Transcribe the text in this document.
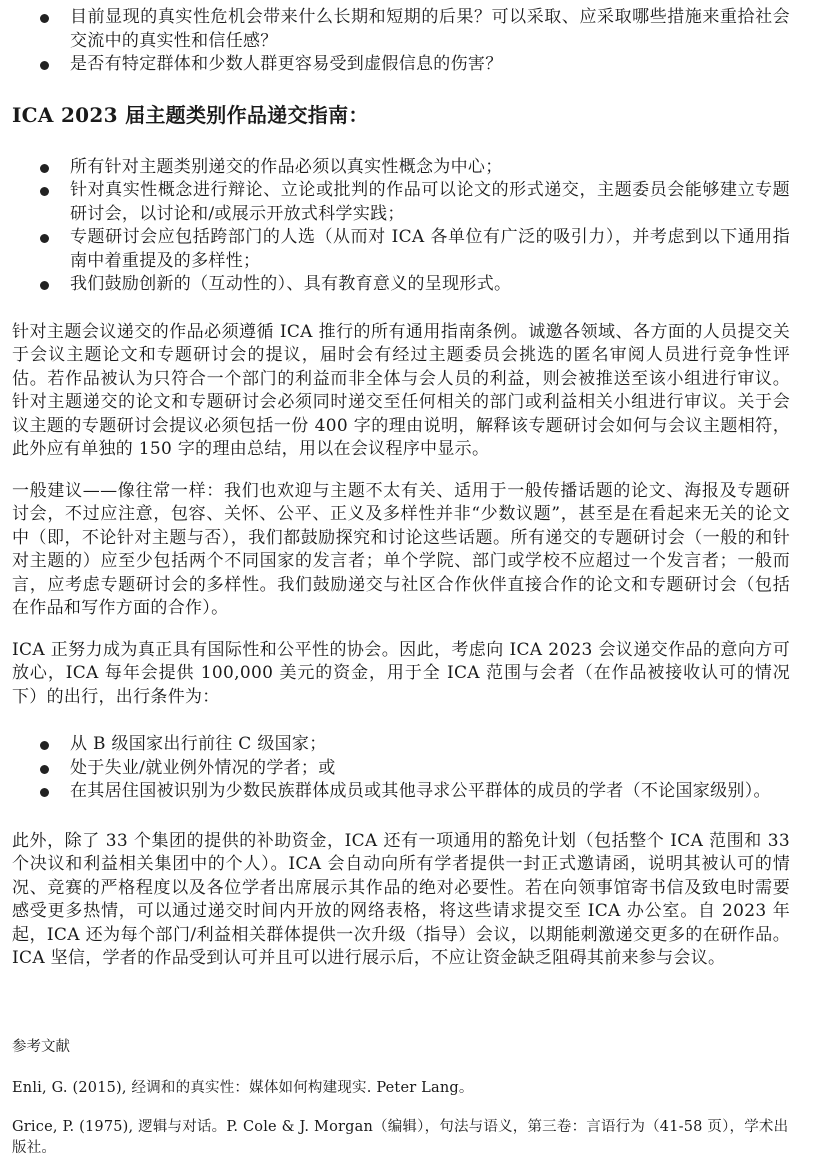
目前显现的真实性危机会带来什么长期和短期的后果？可以采取、应采取哪些措施来重拾社会交流中的真实性和信任感？
是否有特定群体和少数人群更容易受到虚假信息的伤害？
ICA 2023 届主题类别作品递交指南：
所有针对主题类别递交的作品必须以真实性概念为中心；
针对真实性概念进行辩论、立论或批判的作品可以论文的形式递交，主题委员会能够建立专题研讨会，以讨论和/或展示开放式科学实践；
专题研讨会应包括跨部门的人选（从而对 ICA 各单位有广泛的吸引力），并考虑到以下通用指南中着重提及的多样性；
我们鼓励创新的（互动性的）、具有教育意义的呈现形式。

针对主题会议递交的作品必须遵循 ICA 推行的所有通用指南条例。诚邀各领域、各方面的人员提交关于会议主题论文和专题研讨会的提议，届时会有经过主题委员会挑选的匿名审阅人员进行竞争性评估。若作品被认为只符合一个部门的利益而非全体与会人员的利益，则会被推送至该小组进行审议。针对主题递交的论文和专题研讨会必须同时递交至任何相关的部门或利益相关小组进行审议。关于会议主题的专题研讨会提议必须包括一份 400 字的理由说明，解释该专题研讨会如何与会议主题相符，此外应有单独的 150 字的理由总结，用以在会议程序中显示。

一般建议——像往常一样：我们也欢迎与主题不太有关、适用于一般传播话题的论文、海报及专题研讨会，不过应注意，包容、关怀、公平、正义及多样性并非“少数议题”，甚至是在看起来无关的论文中（即，不论针对主题与否），我们都鼓励探究和讨论这些话题。所有递交的专题研讨会（一般的和针对主题的）应至少包括两个不同国家的发言者；单个学院、部门或学校不应超过一个发言者；一般而言，应考虑专题研讨会的多样性。我们鼓励递交与社区合作伙伴直接合作的论文和专题研讨会（包括在作品和写作方面的合作）。

ICA 正努力成为真正具有国际性和公平性的协会。因此，考虑向 ICA 2023 会议递交作品的意向方可放心，ICA 每年会提供 100,000 美元的资金，用于全 ICA 范围与会者（在作品被接收认可的情况下）的出行，出行条件为：

从 B 级国家出行前往 C 级国家；
处于失业/就业例外情况的学者；或
在其居住国被识别为少数民族群体成员或其他寻求公平群体的成员的学者（不论国家级别）。

此外，除了 33 个集团的提供的补助资金，ICA 还有一项通用的豁免计划（包括整个 ICA 范围和 33 个决议和利益相关集团中的个人）。ICA 会自动向所有学者提供一封正式邀请函，说明其被认可的情况、竞赛的严格程度以及各位学者出席展示其作品的绝对必要性。若在向领事馆寄书信及致电时需要感受更多热情，可以通过递交时间内开放的网络表格，将这些请求提交至 ICA 办公室。自 2023 年起，ICA 还为每个部门/利益相关群体提供一次升级（指导）会议，以期能刺激递交更多的在研作品。ICA 坚信，学者的作品受到认可并且可以进行展示后，不应让资金缺乏阻碍其前来参与会议。

参考文献

Enli, G. (2015), 经调和的真实性：媒体如何构建现实. Peter Lang。

Grice, P. (1975), 逻辑与对话。P. Cole & J. Morgan（编辑），句法与语义，第三卷：言语行为（41-58 页），学术出版社。
